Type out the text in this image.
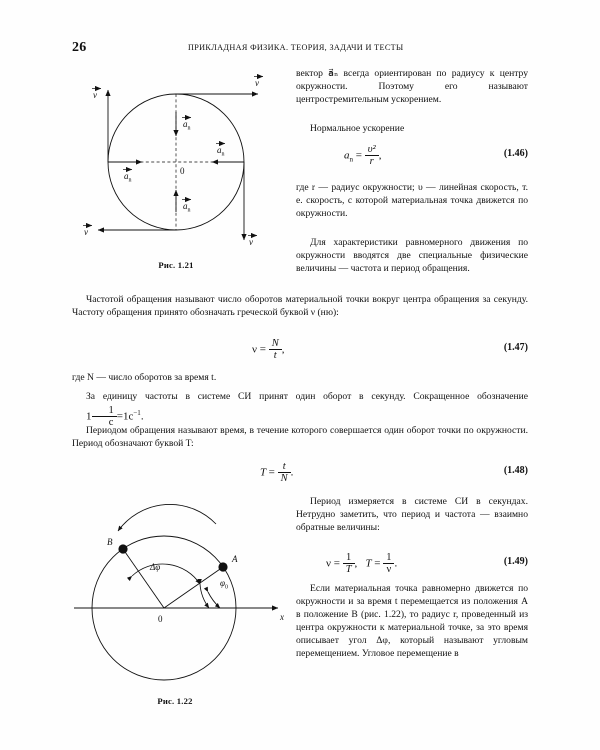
26	ПРИКЛАДНАЯ ФИЗИКА. ТЕОРИЯ, ЗАДАЧИ И ТЕСТЫ
v
v
v
v
$a_n$
$a_n$
$a_n$
$a_n$
0
Рис. 1.21
вектор a⃗ₙ всегда ориентирован по радиусу к центру окружности. Поэтому его называют центростремительным ускорением.
Нормальное ускорение
$a_n = \frac{\text{υ²}}{r}$ ,	(1.46)
где r — радиус окружности; υ — линейная скорость, т. е. скорость, с которой материальная точка движется по окружности.
Для характеристики равномерного движения по окружности вводятся две специальные физические величины — частота и период обращения.
Частотой обращения называют число оборотов материальной точки вокруг центра обращения за секунду. Частоту обращения принято обозначать греческой буквой ν (ню):
$\nu = \frac{N}{t}$ ,	(1.47)
где N — число оборотов за время t.
За единицу частоты в системе СИ принят один оборот в секунду. Сокращенное обозначение $1 \frac{1}{с} =1с^{-1}$.
Периодом обращения называют время, в течение которого совершается один оборот точки по окружности. Период обозначают буквой T:
$T = \frac{t}{N}$ .	(1.48)
Период измеряется в системе СИ в секундах. Нетрудно заметить, что период и частота — взаимно обратные величины:
$\nu = \frac{1}{T}$ , $T = \frac{1}{\nu}$ .	(1.49)
Если материальная точка равномерно движется по окружности и за время t перемещается из положения A в положение B (рис. 1.22), то радиус r, проведенный из центра окружности к материальной точке, за это время описывает угол Δφ, который называют угловым перемещением. Угловое перемещение в
x
A
B
Δφ
$\varphi_0$
0
Рис. 1.22
